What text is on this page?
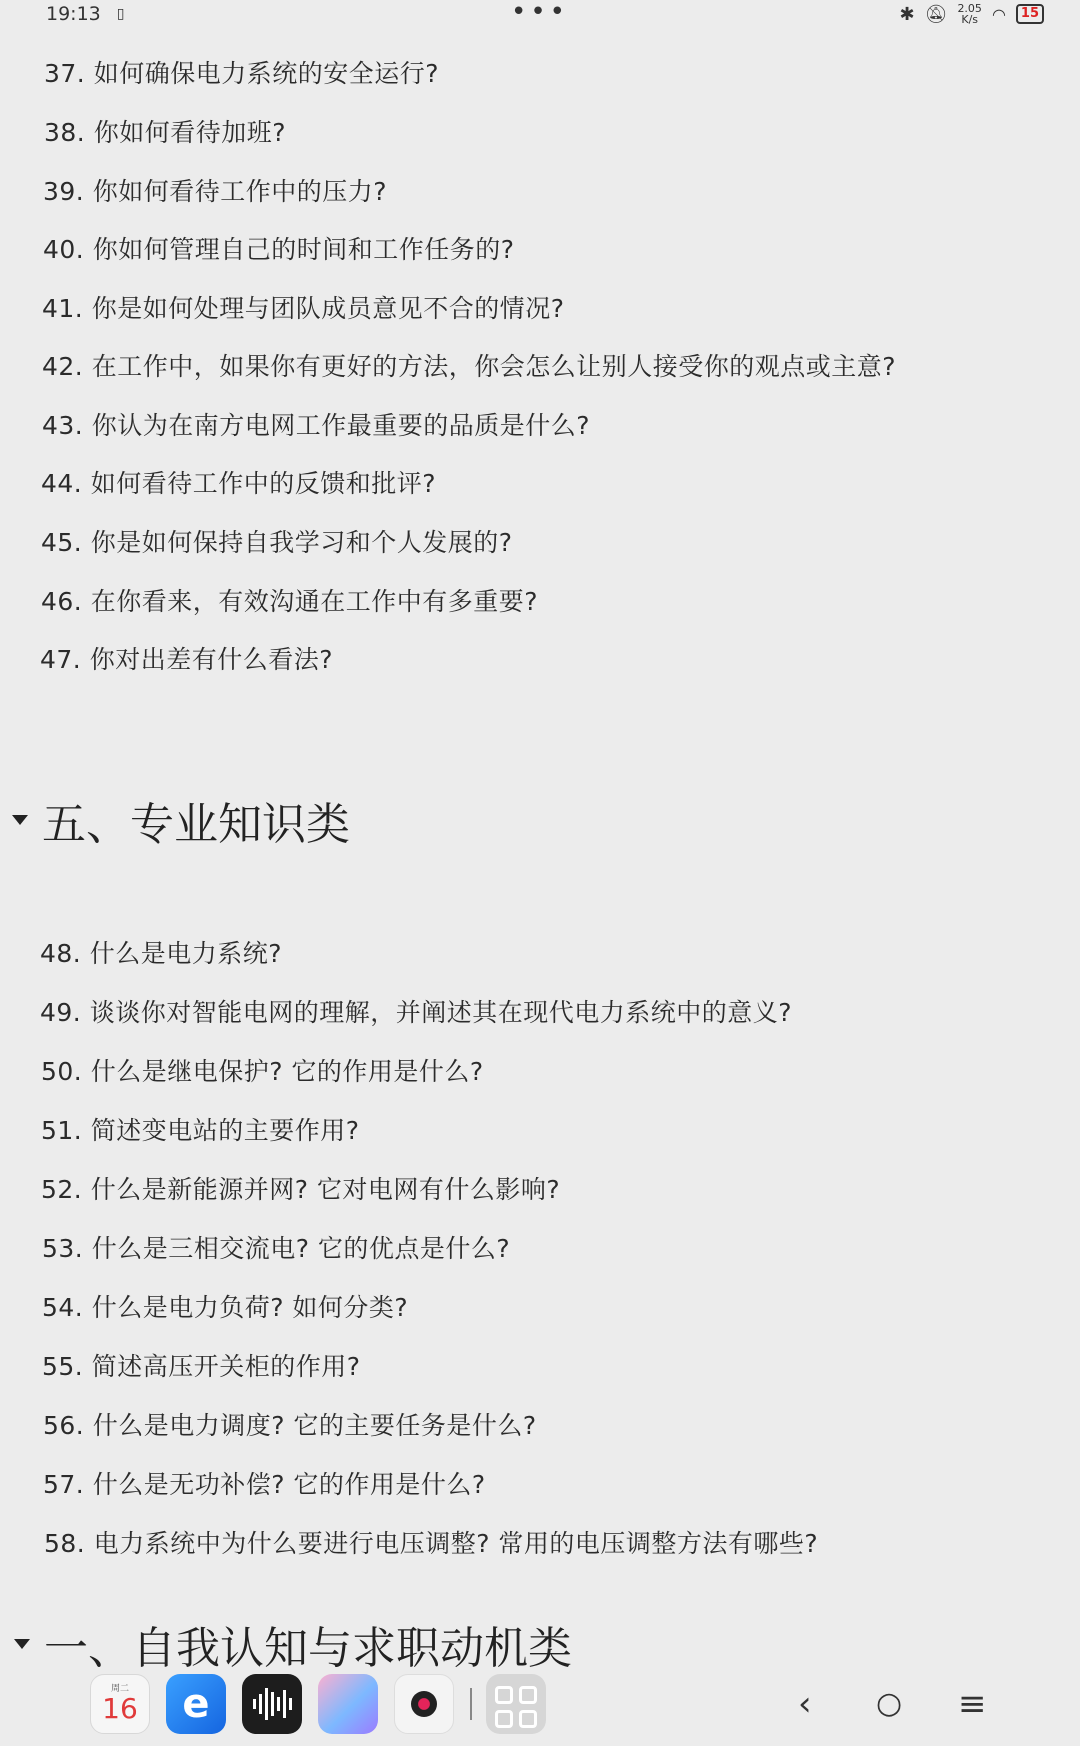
19:13 ▯	•••	✱ 🔕︎ 2.05
K/s ◠	15
37. 如何确保电力系统的安全运行?
38. 你如何看待加班?
39. 你如何看待工作中的压力?
40. 你如何管理自己的时间和工作任务的?
41. 你是如何处理与团队成员意见不合的情况?
42. 在工作中，如果你有更好的方法，你会怎么让别人接受你的观点或主意?
43. 你认为在南方电网工作最重要的品质是什么?
44. 如何看待工作中的反馈和批评?
45. 你是如何保持自我学习和个人发展的?
46. 在你看来，有效沟通在工作中有多重要?
47. 你对出差有什么看法?
五、专业知识类
48. 什么是电力系统?
49. 谈谈你对智能电网的理解，并阐述其在现代电力系统中的意义?
50. 什么是继电保护? 它的作用是什么?
51. 简述变电站的主要作用?
52. 什么是新能源并网? 它对电网有什么影响?
53. 什么是三相交流电? 它的优点是什么?
54. 什么是电力负荷? 如何分类?
55. 简述高压开关柜的作用?
56. 什么是电力调度? 它的主要任务是什么?
57. 什么是无功补偿? 它的作用是什么?
58. 电力系统中为什么要进行电压调整? 常用的电压调整方法有哪些?
一、自我认知与求职动机类
周二
16 e	‹ ○ ≡
